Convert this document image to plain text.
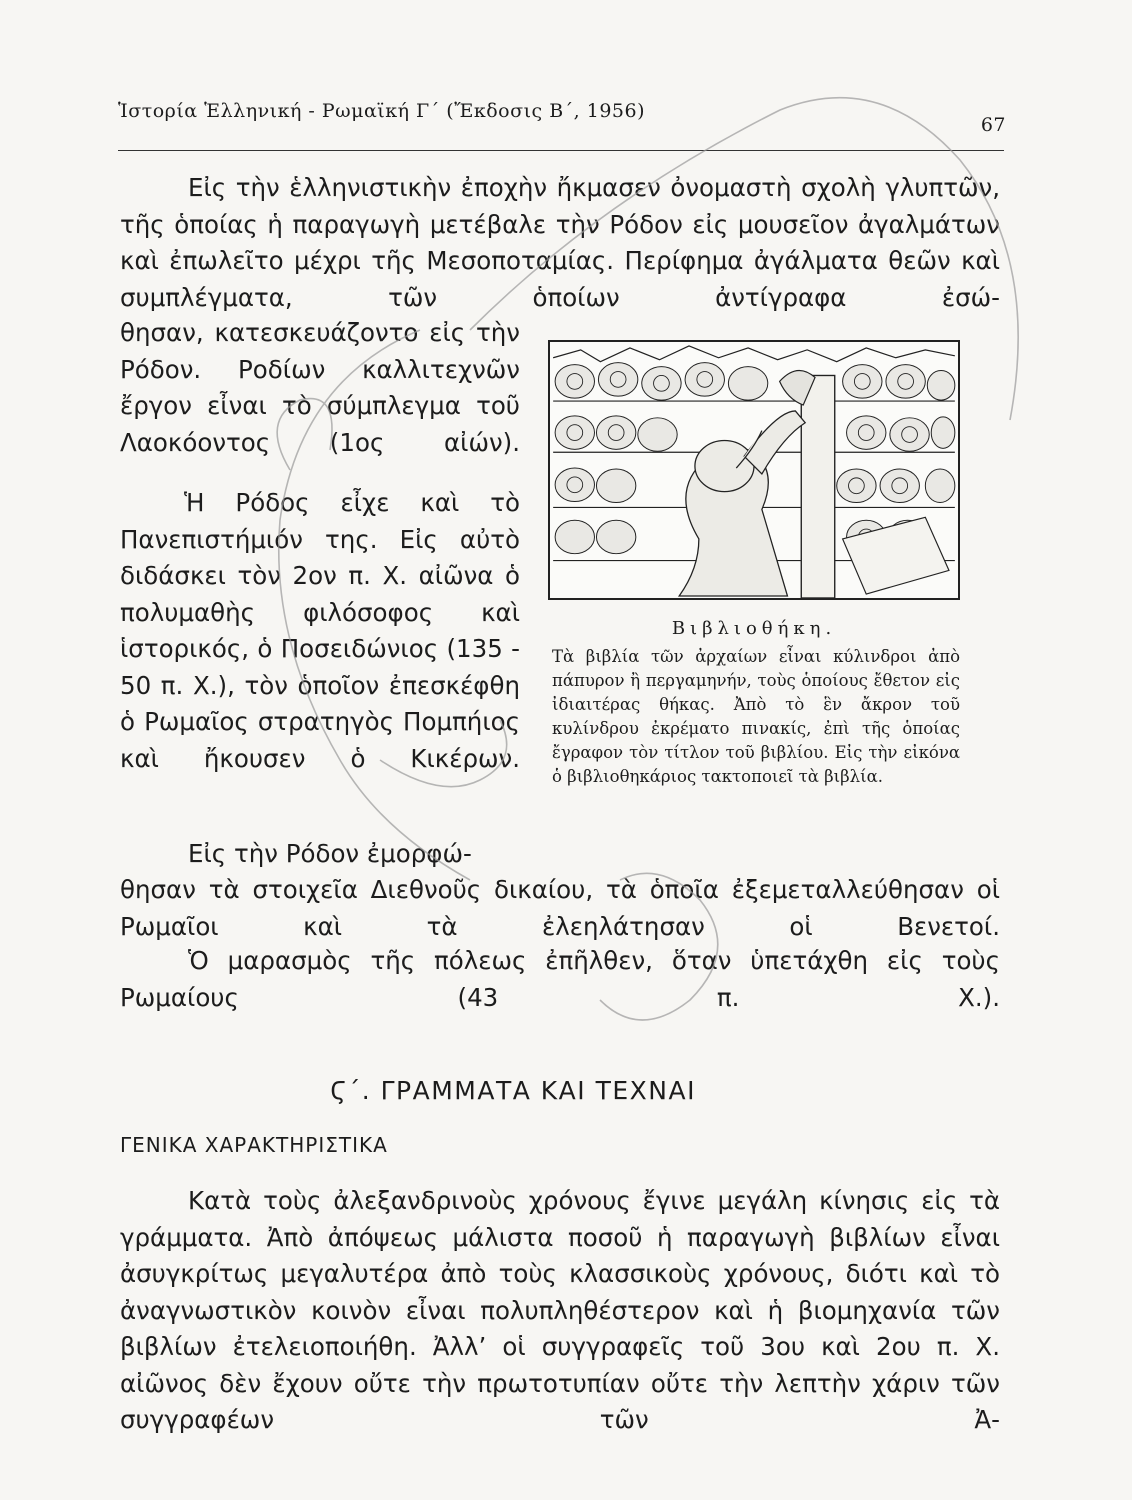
Ἱστορία Ἑλληνική - Ρωμαϊκή Γ´ (Ἔκδοσις Β´, 1956)
67

Εἰς τὴν ἑλληνιστικὴν ἐποχὴν ἤκμασεν ὀνομαστὴ σχολὴ γλυπτῶν, τῆς ὁποίας ἡ παραγωγὴ μετέβαλε τὴν Ρόδον εἰς μουσεῖον ἀγαλμάτων καὶ ἐπωλεῖτο μέχρι τῆς Μεσοποταμίας. Περίφημα ἀγάλματα θεῶν καὶ συμπλέγματα, τῶν ὁποίων ἀντίγραφα ἐσώ-

θησαν, κατεσκευάζοντο εἰς τὴν Ρόδον. Ροδίων καλλιτεχνῶν ἔργον εἶναι τὸ σύμπλεγμα τοῦ Λαοκόοντος (1ος αἰών).

Ἡ Ρόδος εἶχε καὶ τὸ Πανεπιστήμιόν της. Εἰς αὐτὸ διδάσκει τὸν 2ον π. Χ. αἰῶνα ὁ πολυμαθὴς φιλόσοφος καὶ ἱστορικός, ὁ Ποσειδώνιος (135 - 50 π. Χ.), τὸν ὁποῖον ἐπεσκέφθη ὁ Ρωμαῖος στρατηγὸς Πομπήιος καὶ ἤκουσεν ὁ Κικέρων.

Εἰς τὴν Ρόδον ἐμορφώ-

θησαν τὰ στοιχεῖα Διεθνοῦς δικαίου, τὰ ὁποῖα ἐξεμεταλλεύθησαν οἱ Ρωμαῖοι καὶ τὰ ἐλεηλάτησαν οἱ Βενετοί.

Ὁ μαρασμὸς τῆς πόλεως ἐπῆλθεν, ὅταν ὑπετάχθη εἰς τοὺς Ρωμαίους (43 π. Χ.).

Βιβλιοθήκη.
Τὰ βιβλία τῶν ἀρχαίων εἶναι κύλινδροι ἀπὸ πάπυρον ἢ περγαμηνήν, τοὺς ὁποίους ἔθετον εἰς ἰδιαιτέρας θήκας. Ἀπὸ τὸ ἓν ἄκρον τοῦ κυλίνδρου ἐκρέματο πινακίς, ἐπὶ τῆς ὁποίας ἔγραφον τὸν τίτλον τοῦ βιβλίου. Εἰς τὴν εἰκόνα ὁ βιβλιοθηκάριος τακτοποιεῖ τὰ βιβλία.
Ϛ´. ΓΡΑΜΜΑΤΑ ΚΑΙ ΤΕΧΝΑΙ
ΓΕΝΙΚΑ ΧΑΡΑΚΤΗΡΙΣΤΙΚΑ

Κατὰ τοὺς ἀλεξανδρινοὺς χρόνους ἔγινε μεγάλη κίνησις εἰς τὰ γράμματα. Ἀπὸ ἀπόψεως μάλιστα ποσοῦ ἡ παραγωγὴ βιβλίων εἶναι ἀσυγκρίτως μεγαλυτέρα ἀπὸ τοὺς κλασσικοὺς χρόνους, διότι καὶ τὸ ἀναγνωστικὸν κοινὸν εἶναι πολυπληθέστερον καὶ ἡ βιομηχανία τῶν βιβλίων ἐτελειοποιήθη. Ἀλλ’ οἱ συγγραφεῖς τοῦ 3ου καὶ 2ου π. Χ. αἰῶνος δὲν ἔχουν οὔτε τὴν πρωτοτυπίαν οὔτε τὴν λεπτὴν χάριν τῶν συγγραφέων τῶν Ἀ-
